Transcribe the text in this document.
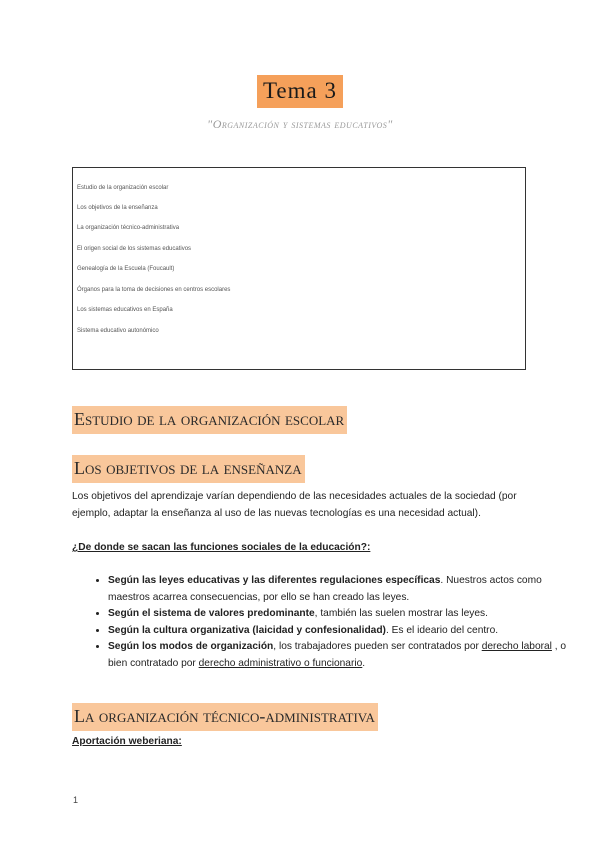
Tema 3
"Organización y sistemas educativos"
Estudio de la organización escolar
Los objetivos de la enseñanza
La organización técnico-administrativa
El origen social de los sistemas educativos
Genealogía de la Escuela (Foucault)
Órganos para la toma de decisiones en centros escolares
Los sistemas educativos en España
Sistema educativo autonómico
Estudio de la organización escolar
Los objetivos de la enseñanza
Los objetivos del aprendizaje varían dependiendo de las necesidades actuales de la sociedad (por ejemplo, adaptar la enseñanza al uso de las nuevas tecnologías es una necesidad actual).
¿De donde se sacan las funciones sociales de la educación?:
• Según las leyes educativas y las diferentes regulaciones específicas. Nuestros actos como maestros acarrea consecuencias, por ello se han creado las leyes.
• Según el sistema de valores predominante, también las suelen mostrar las leyes.
• Según la cultura organizativa (laicidad y confesionalidad). Es el ideario del centro.
• Según los modos de organización, los trabajadores pueden ser contratados por derecho laboral , o bien contratado por derecho administrativo o funcionario.
La organización técnico-administrativa
Aportación weberiana:
1
